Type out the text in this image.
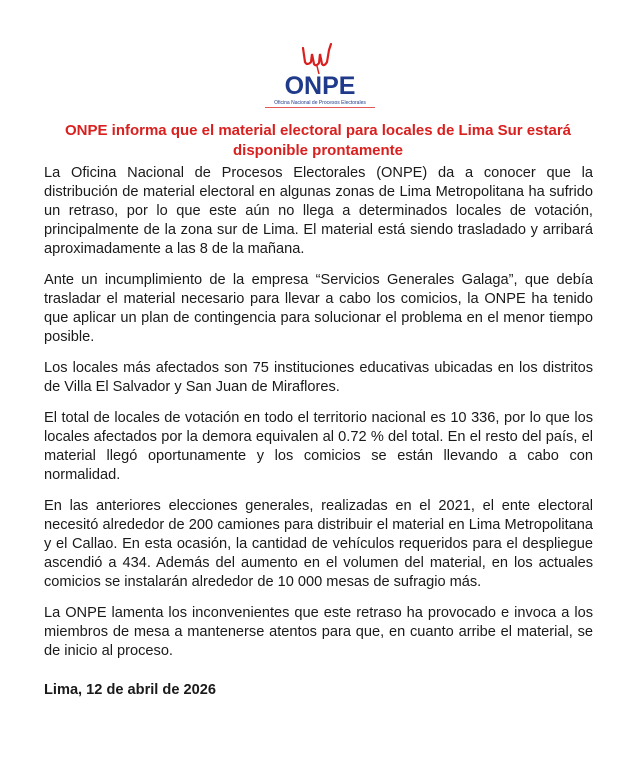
ONPE
Oficina Nacional de Procesos Electorales
ONPE informa que el material electoral para locales de Lima Sur estará disponible prontamente

La Oficina Nacional de Procesos Electorales (ONPE) da a conocer que la distribución de material electoral en algunas zonas de Lima Metropolitana ha sufrido un retraso, por lo que este aún no llega a determinados locales de votación, principalmente de la zona sur de Lima. El material está siendo trasladado y arribará aproximadamente a las 8 de la mañana.

Ante un incumplimiento de la empresa “Servicios Generales Galaga”, que debía trasladar el material necesario para llevar a cabo los comicios, la ONPE ha tenido que aplicar un plan de contingencia para solucionar el problema en el menor tiempo posible.

Los locales más afectados son 75 instituciones educativas ubicadas en los distritos de Villa El Salvador y San Juan de Miraflores.

El total de locales de votación en todo el territorio nacional es 10 336, por lo que los locales afectados por la demora equivalen al 0.72 % del total. En el resto del país, el material llegó oportunamente y los comicios se están llevando a cabo con normalidad.

En las anteriores elecciones generales, realizadas en el 2021, el ente electoral necesitó alrededor de 200 camiones para distribuir el material en Lima Metropolitana y el Callao. En esta ocasión, la cantidad de vehículos requeridos para el despliegue ascendió a 434. Además del aumento en el volumen del material, en los actuales comicios se instalarán alrededor de 10 000 mesas de sufragio más.

La ONPE lamenta los inconvenientes que este retraso ha provocado e invoca a los miembros de mesa a mantenerse atentos para que, en cuanto arribe el material, se de inicio al proceso.

Lima, 12 de abril de 2026
